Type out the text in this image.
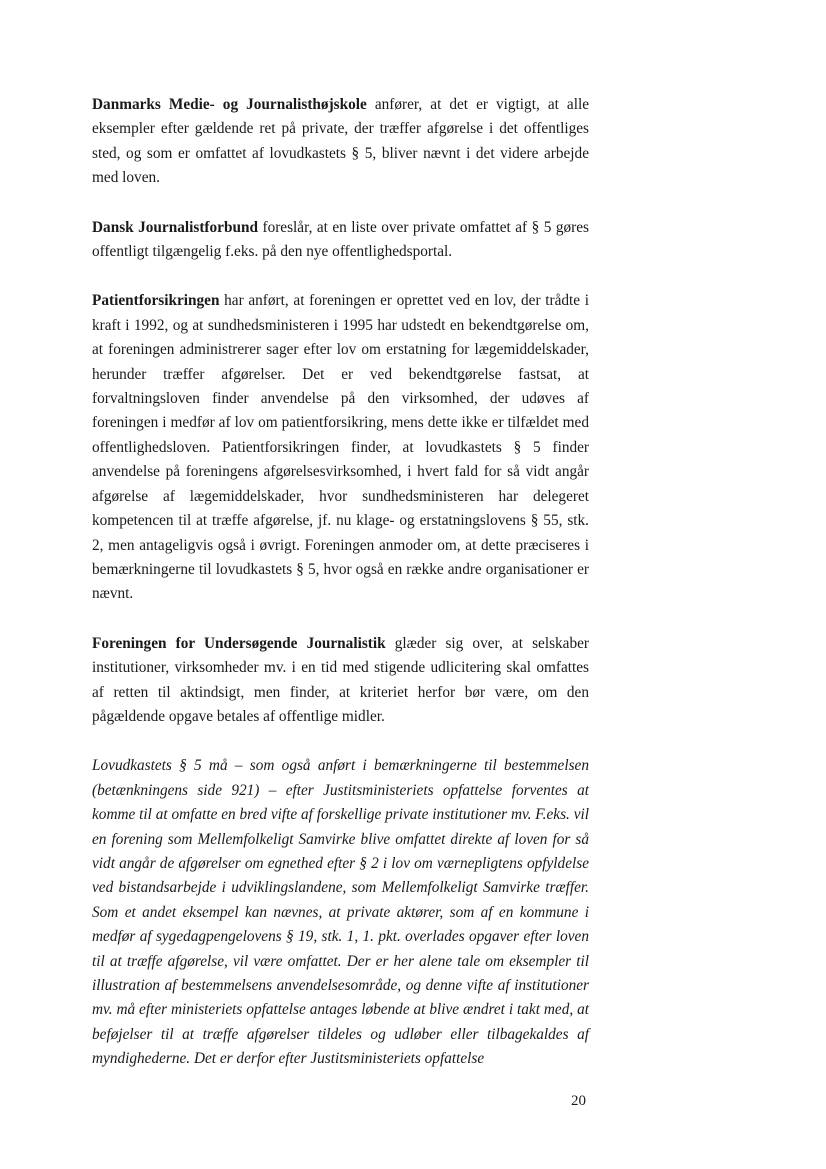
Danmarks Medie- og Journalisthøjskole anfører, at det er vigtigt, at alle eksempler efter gældende ret på private, der træffer afgørelse i det offentliges sted, og som er omfattet af lovudkastets § 5, bliver nævnt i det videre arbejde med loven.

Dansk Journalistforbund foreslår, at en liste over private omfattet af § 5 gøres offentligt tilgængelig f.eks. på den nye offentlighedsportal.

Patientforsikringen har anført, at foreningen er oprettet ved en lov, der trådte i kraft i 1992, og at sundhedsministeren i 1995 har udstedt en bekendtgørelse om, at foreningen administrerer sager efter lov om erstatning for lægemiddelskader, herunder træffer afgørelser. Det er ved bekendtgørelse fastsat, at forvaltningsloven finder anvendelse på den virksomhed, der udøves af foreningen i medfør af lov om patientforsikring, mens dette ikke er tilfældet med offentlighedsloven. Patientforsikringen finder, at lovudkastets § 5 finder anvendelse på foreningens afgørelsesvirksomhed, i hvert fald for så vidt angår afgørelse af lægemiddelskader, hvor sundhedsministeren har delegeret kompetencen til at træffe afgørelse, jf. nu klage- og erstatningslovens § 55, stk. 2, men antageligvis også i øvrigt. Foreningen anmoder om, at dette præciseres i bemærkningerne til lovudkastets § 5, hvor også en række andre organisationer er nævnt.

Foreningen for Undersøgende Journalistik glæder sig over, at selskaber institutioner, virksomheder mv. i en tid med stigende udlicitering skal omfattes af retten til aktindsigt, men finder, at kriteriet herfor bør være, om den pågældende opgave betales af offentlige midler.

Lovudkastets § 5 må – som også anført i bemærkningerne til bestemmelsen (betænkningens side 921) – efter Justitsministeriets opfattelse forventes at komme til at omfatte en bred vifte af forskellige private institutioner mv. F.eks. vil en forening som Mellemfolkeligt Samvirke blive omfattet direkte af loven for så vidt angår de afgørelser om egnethed efter § 2 i lov om værnepligtens opfyldelse ved bistandsarbejde i udviklingslandene, som Mellemfolkeligt Samvirke træffer. Som et andet eksempel kan nævnes, at private aktører, som af en kommune i medfør af sygedagpengelovens § 19, stk. 1, 1. pkt. overlades opgaver efter loven til at træffe afgørelse, vil være omfattet. Der er her alene tale om eksempler til illustration af bestemmelsens anvendelsesområde, og denne vifte af institutioner mv. må efter ministeriets opfattelse antages løbende at blive ændret i takt med, at beføjelser til at træffe afgørelser tildeles og udløber eller tilbagekaldes af myndighederne. Det er derfor efter Justitsministeriets opfattelse

20
